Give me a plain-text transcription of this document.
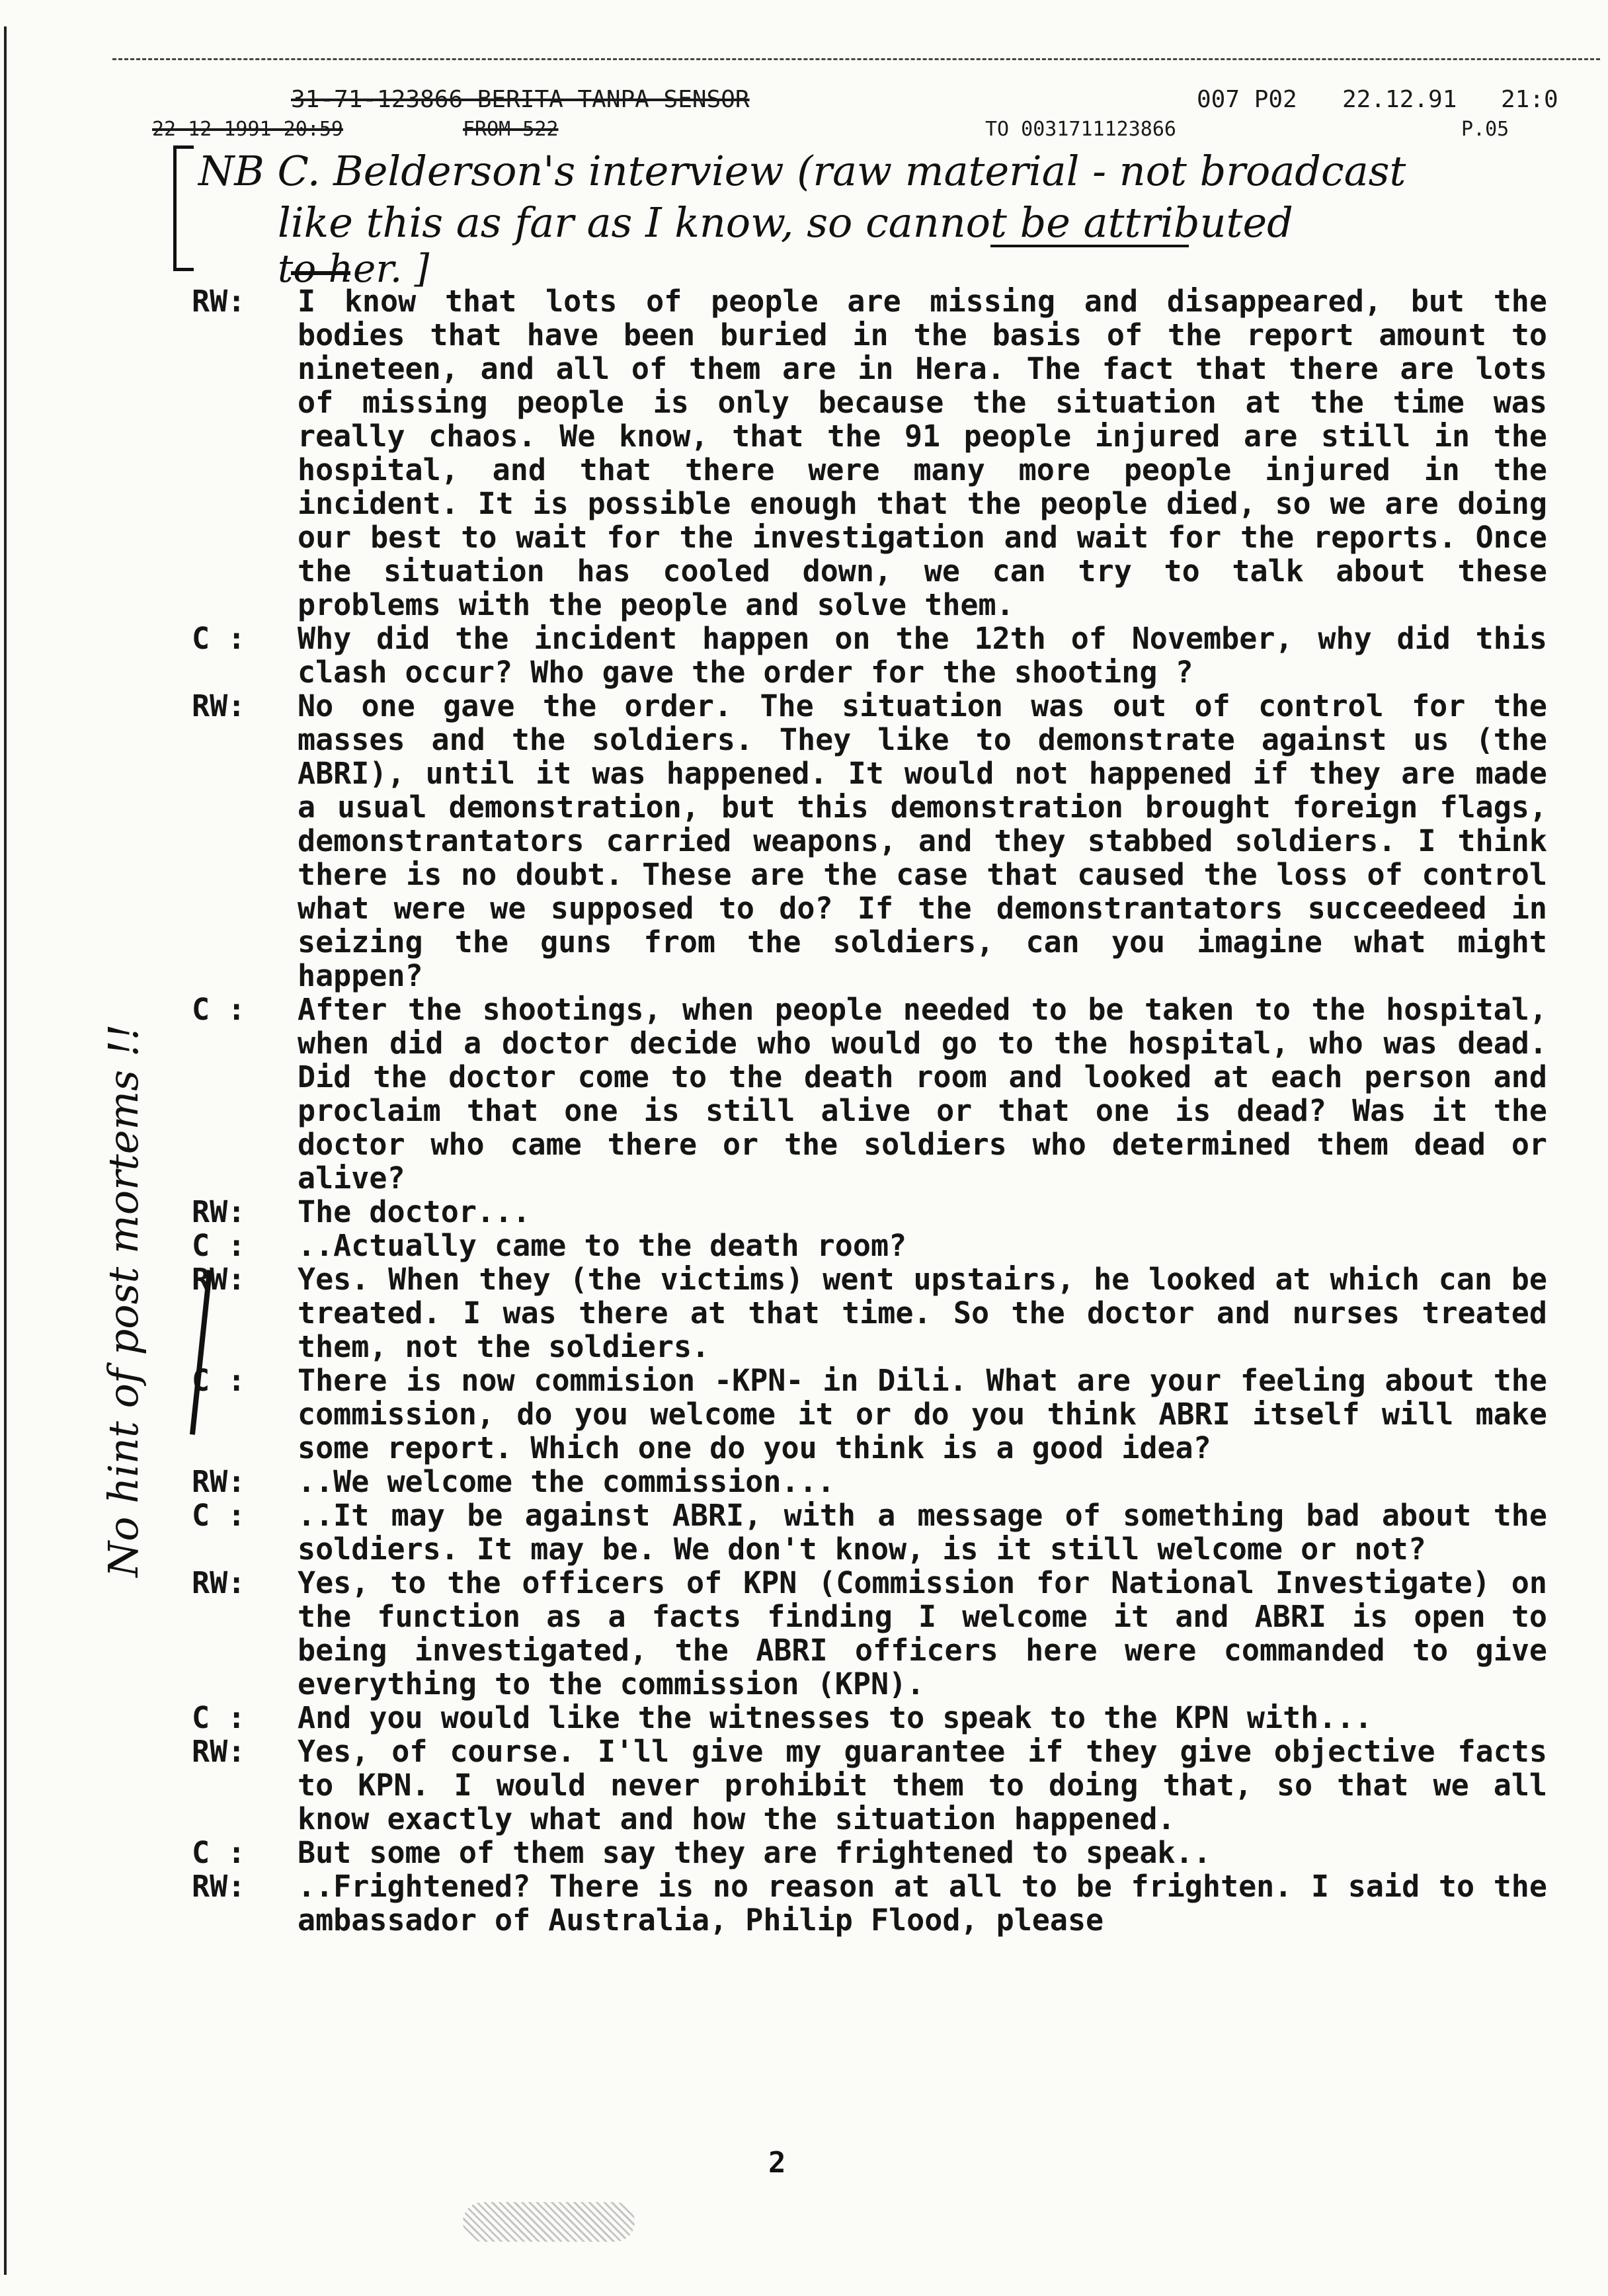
31-71-123866 BERITA TANPA SENSOR	007 P02 22.12.91 21:0
22-12-1991 20:59	FROM 522	TO 0031711123866	P.05
NB C. Belderson's interview (raw material - not broadcast
like this as far as I know, so cannot be attributed
to her. ]
RW:	I know that lots of people are missing and disappeared, but the bodies that have been buried in the basis of the report amount to nineteen, and all of them are in Hera. The fact that there are lots of missing people is only because the situation at the time was really chaos. We know, that the 91 people injured are still in the hospital, and that there were many more people injured in the incident. It is possible enough that the people died, so we are doing our best to wait for the investigation and wait for the reports. Once the situation has cooled down, we can try to talk about these problems with the people and solve them.
C :	Why did the incident happen on the 12th of November, why did this clash occur? Who gave the order for the shooting ?
RW:	No one gave the order. The situation was out of control for the masses and the soldiers. They like to demonstrate against us (the ABRI), until it was happened. It would not happened if they are made a usual demonstration, but this demonstration brought foreign flags, demonstrantators carried weapons, and they stabbed soldiers. I think there is no doubt. These are the case that caused the loss of control what were we supposed to do? If the demonstrantators succeedeed in seizing the guns from the soldiers, can you imagine what might happen?
C :	After the shootings, when people needed to be taken to the hospital, when did a doctor decide who would go to the hospital, who was dead. Did the doctor come to the death room and looked at each person and proclaim that one is still alive or that one is dead? Was it the doctor who came there or the soldiers who determined them dead or alive?
RW:	The doctor...
C :	..Actually came to the death room?
RW:	Yes. When they (the victims) went upstairs, he looked at which can be treated. I was there at that time. So the doctor and nurses treated them, not the soldiers.
C :	There is now commision -KPN- in Dili. What are your feeling about the commission, do you welcome it or do you think ABRI itself will make some report. Which one do you think is a good idea?
RW:	..We welcome the commission...
C :	..It may be against ABRI, with a message of something bad about the soldiers. It may be. We don't know, is it still welcome or not?
RW:	Yes, to the officers of KPN (Commission for National Investigate) on the function as a facts finding I welcome it and ABRI is open to being investigated, the ABRI officers here were commanded to give everything to the commission (KPN).
C :	And you would like the witnesses to speak to the KPN with...
RW:	Yes, of course. I'll give my guarantee if they give objective facts to KPN. I would never prohibit them to doing that, so that we all know exactly what and how the situation happened.
C :	But some of them say they are frightened to speak..
RW:	..Frightened? There is no reason at all to be frighten. I said to the ambassador of Australia, Philip Flood, please
No hint of post mortems !!
2
